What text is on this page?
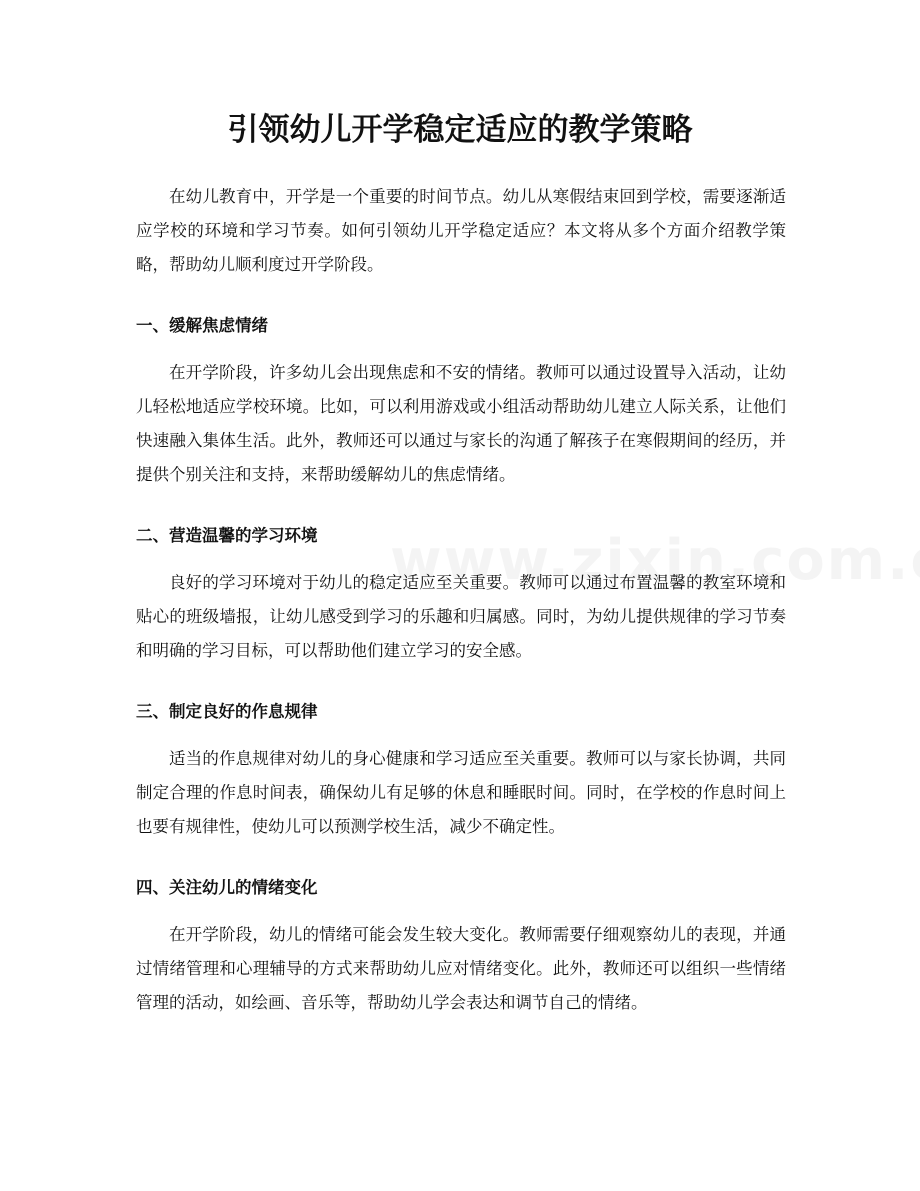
引领幼儿开学稳定适应的教学策略

在幼儿教育中，开学是一个重要的时间节点。幼儿从寒假结束回到学校，需要逐渐适应学校的环境和学习节奏。如何引领幼儿开学稳定适应？本文将从多个方面介绍教学策略，帮助幼儿顺利度过开学阶段。

一、缓解焦虑情绪

在开学阶段，许多幼儿会出现焦虑和不安的情绪。教师可以通过设置导入活动，让幼儿轻松地适应学校环境。比如，可以利用游戏或小组活动帮助幼儿建立人际关系，让他们快速融入集体生活。此外，教师还可以通过与家长的沟通了解孩子在寒假期间的经历，并提供个别关注和支持，来帮助缓解幼儿的焦虑情绪。

二、营造温馨的学习环境

良好的学习环境对于幼儿的稳定适应至关重要。教师可以通过布置温馨的教室环境和贴心的班级墙报，让幼儿感受到学习的乐趣和归属感。同时，为幼儿提供规律的学习节奏和明确的学习目标，可以帮助他们建立学习的安全感。

三、制定良好的作息规律

适当的作息规律对幼儿的身心健康和学习适应至关重要。教师可以与家长协调，共同制定合理的作息时间表，确保幼儿有足够的休息和睡眠时间。同时，在学校的作息时间上也要有规律性，使幼儿可以预测学校生活，减少不确定性。

四、关注幼儿的情绪变化

在开学阶段，幼儿的情绪可能会发生较大变化。教师需要仔细观察幼儿的表现，并通过情绪管理和心理辅导的方式来帮助幼儿应对情绪变化。此外，教师还可以组织一些情绪管理的活动，如绘画、音乐等，帮助幼儿学会表达和调节自己的情绪。
